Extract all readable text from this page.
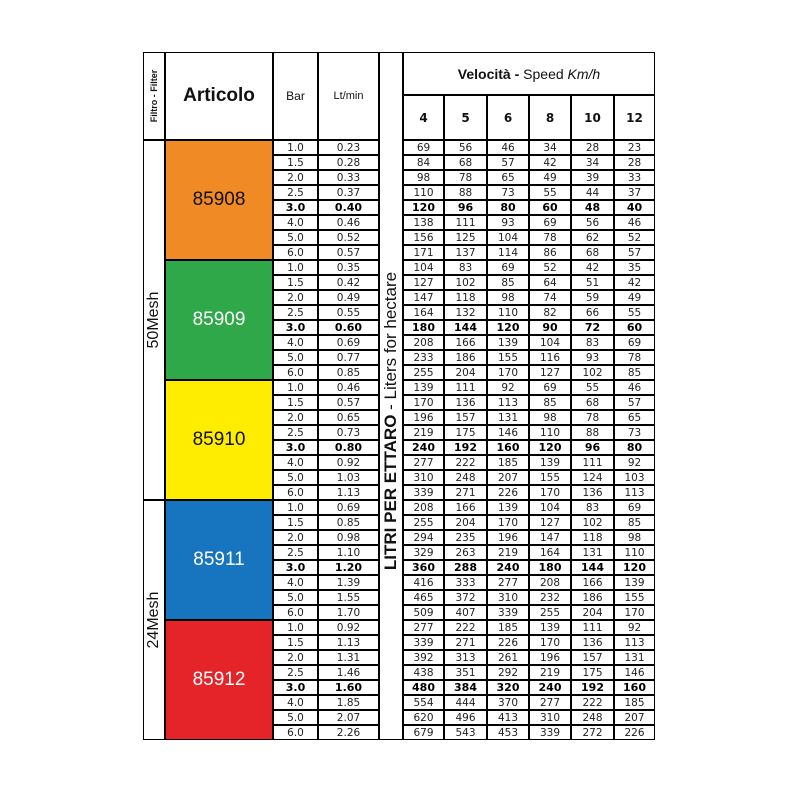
Filtro - Filter Articolo	Bar	Lt/min
LITRI PER ETTARO - Liters for hectare
Velocità - Speed
Km/h
4	5	6	8 10 12
50Mesh
24Mesh
85908
1.0	0.23	69	56	46	34	28	23
1.5	0.28	84	68	57	42	34	28
2.0	0.33	98	78	65	49	39	33
2.5	0.37	110 88	73	55	44	37
3.0	0.40	120 96 80 60 48 40
4.0	0.46	138 111 93	69	56	46
5.0	0.52	156 125 104 78	62	52
6.0	0.57	171 137 114 86	68	57
85909
1.0	0.35	104 83	69	52	42	35
1.5	0.42	127 102 85	64	51	42
2.0	0.49	147 118 98	74	59	49
2.5	0.55	164 132 110 82	66	55
3.0	0.60	180 144 120 90 72 60
4.0	0.69	208 166 139 104 83	69
5.0	0.77	233 186 155 116 93	78
6.0	0.85	255 204 170 127 102 85
85910
1.0	0.46	139 111 92	69	55	46
1.5	0.57	170 136 113 85	68	57
2.0	0.65	196 157 131 98	78	65
2.5	0.73	219 175 146 110 88	73
3.0	0.80	240 192 160 120 96 80
4.0	0.92	277 222 185 139 111 92
5.0	1.03	310 248 207 155 124 103
6.0	1.13	339 271 226 170 136 113
85911
1.0	0.69	208 166 139 104 83	69
1.5	0.85	255 204 170 127 102 85
2.0	0.98	294 235 196 147 118 98
2.5	1.10	329 263 219 164 131 110
3.0	1.20	360 288 240 180 144 120
4.0	1.39	416 333 277 208 166 139
5.0	1.55	465 372 310 232 186 155
6.0	1.70	509 407 339 255 204 170
85912
1.0	0.92	277 222 185 139 111 92
1.5	1.13	339 271 226 170 136 113
2.0	1.31	392 313 261 196 157 131
2.5	1.46	438 351 292 219 175 146
3.0	1.60	480 384 320 240 192 160
4.0	1.85	554 444 370 277 222 185
5.0	2.07	620 496 413 310 248 207
6.0	2.26	679 543 453 339 272 226
